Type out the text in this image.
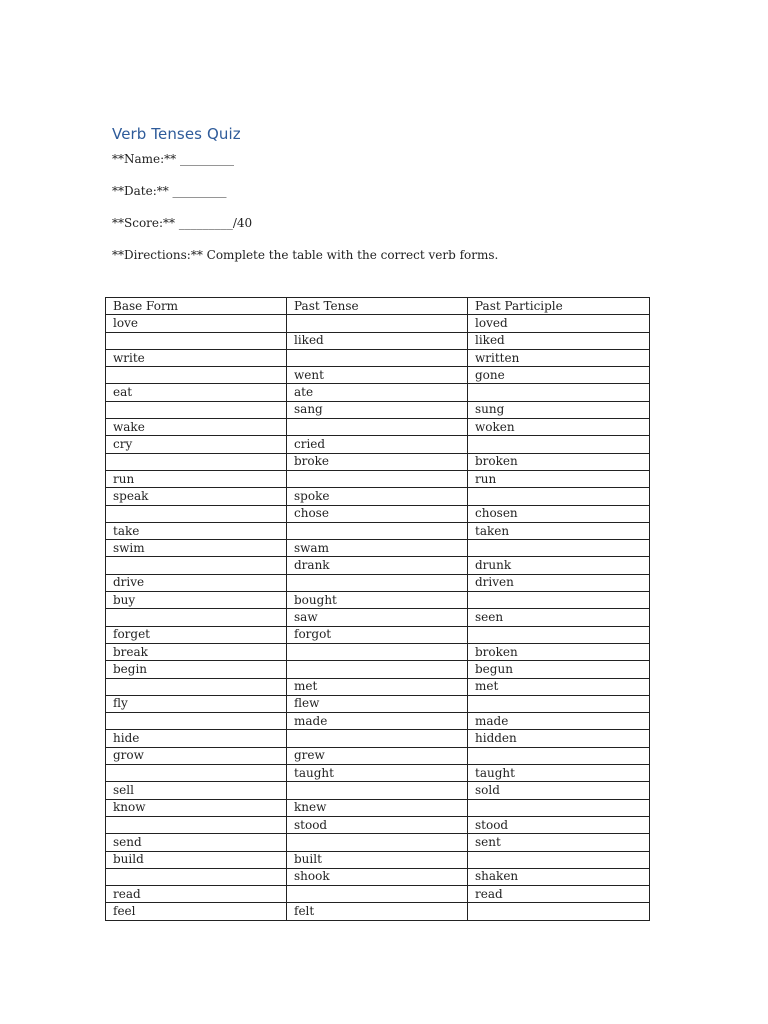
Verb Tenses Quiz
**Name:** _________
**Date:** _________
**Score:** _________/40
**Directions:** Complete the table with the correct verb forms.
Base Form	Past Tense	Past Participle
love		loved
	liked	liked
write		written
	went	gone
eat	ate	
	sang	sung
wake		woken
cry	cried	
	broke	broken
run		run
speak	spoke	
	chose	chosen
take		taken
swim	swam	
	drank	drunk
drive		driven
buy	bought	
	saw	seen
forget	forgot	
break		broken
begin		begun
	met	met
fly	flew	
	made	made
hide		hidden
grow	grew	
	taught	taught
sell		sold
know	knew	
	stood	stood
send		sent
build	built	
	shook	shaken
read		read
feel	felt	
